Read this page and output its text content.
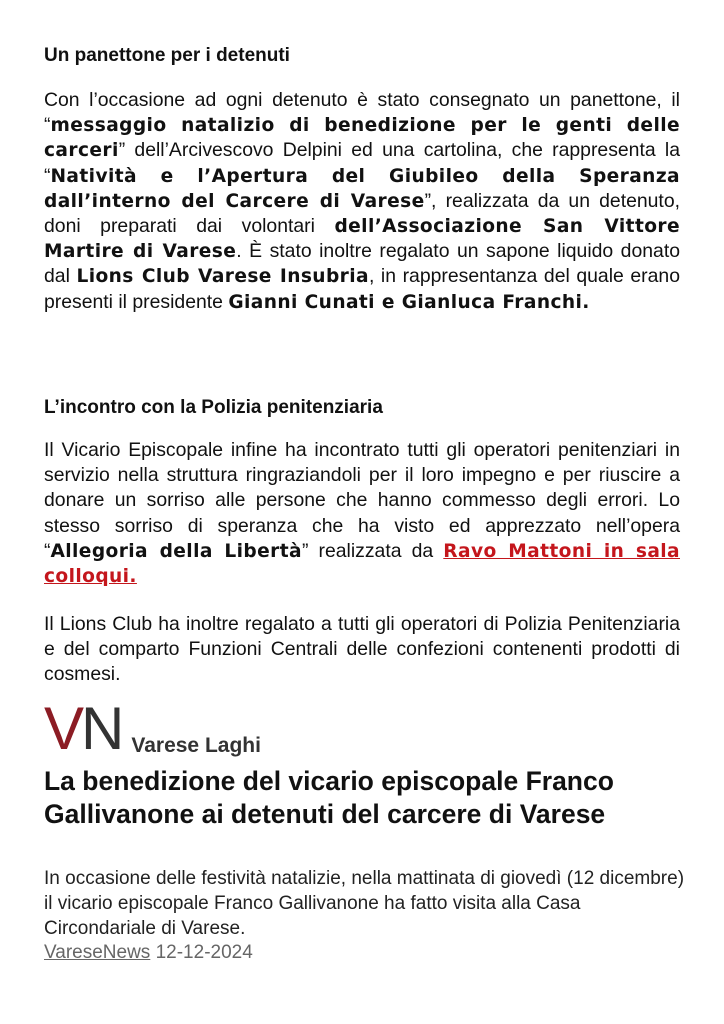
Un panettone per i detenuti

Con l’occasione ad ogni detenuto è stato consegnato un panettone, il “messaggio natalizio di benedizione per le genti delle carceri” dell’Arcivescovo Delpini ed una cartolina, che rappresenta la “Natività e l’Apertura del Giubileo della Speranza dall’interno del Carcere di Varese”, realizzata da un detenuto, doni preparati dai volontari dell’Associazione San Vittore Martire di Varese. È stato inoltre regalato un sapone liquido donato dal Lions Club Varese Insubria, in rappresentanza del quale erano presenti il presidente Gianni Cunati e Gianluca Franchi.

L’incontro con la Polizia penitenziaria

Il Vicario Episcopale infine ha incontrato tutti gli operatori penitenziari in servizio nella struttura ringraziandoli per il loro impegno e per riuscire a donare un sorriso alle persone che hanno commesso degli errori. Lo stesso sorriso di speranza che ha visto ed apprezzato nell’opera “Allegoria della Libertà” realizzata da Ravo Mattoni in sala colloqui.

Il Lions Club ha inoltre regalato a tutti gli operatori di Polizia Penitenziaria e del comparto Funzioni Centrali delle confezioni contenenti prodotti di cosmesi.

VN Varese Laghi
La benedizione del vicario episcopale Franco Gallivanone ai detenuti del carcere di Varese

In occasione delle festività natalizie, nella mattinata di giovedì (12 dicembre) il vicario episcopale Franco Gallivanone ha fatto visita alla Casa Circondariale di Varese.

VareseNews 12-12-2024
